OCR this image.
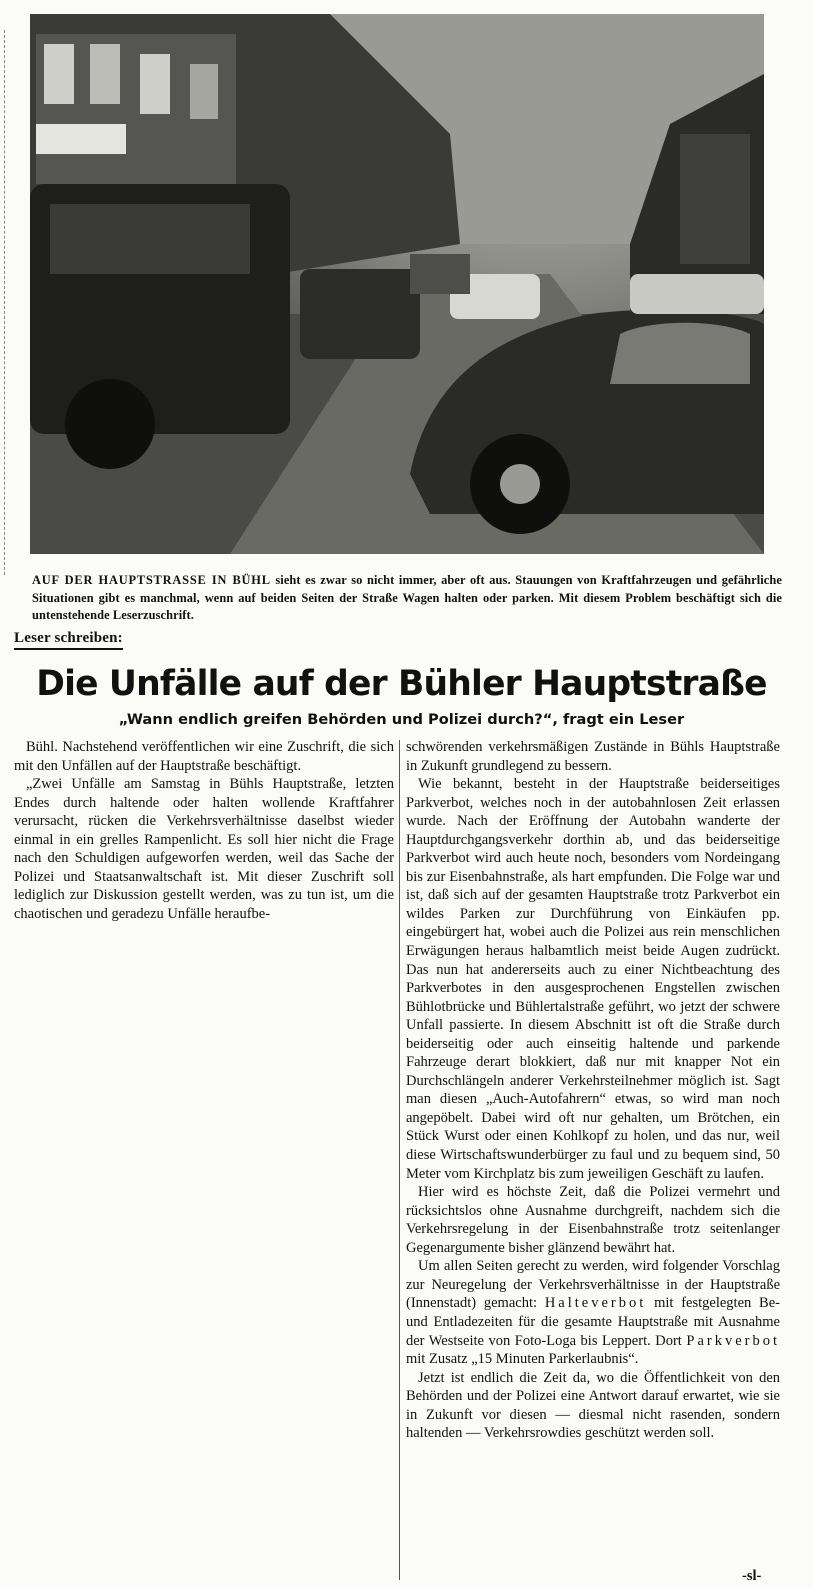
AUF DER HAUPTSTRASSE IN BÜHL sieht es zwar so nicht immer, aber oft aus. Stauungen von Kraftfahrzeugen und gefährliche Situationen gibt es manchmal, wenn auf beiden Seiten der Straße Wagen halten oder parken. Mit diesem Problem beschäftigt sich die untenstehende Leserzuschrift.
Leser schreiben:
Die Unfälle auf der Bühler Hauptstraße
„Wann endlich greifen Behörden und Polizei durch?“, fragt ein Leser

Bühl. Nachstehend veröffentlichen wir eine Zuschrift, die sich mit den Unfällen auf der Hauptstraße beschäftigt.

„Zwei Unfälle am Samstag in Bühls Hauptstraße, letzten Endes durch haltende oder halten wollende Kraftfahrer verursacht, rücken die Verkehrsverhältnisse daselbst wieder einmal in ein grelles Rampenlicht. Es soll hier nicht die Frage nach den Schuldigen aufgeworfen werden, weil das Sache der Polizei und Staatsanwaltschaft ist. Mit dieser Zuschrift soll lediglich zur Diskussion gestellt werden, was zu tun ist, um die chaotischen und geradezu Unfälle heraufbe-

schwörenden verkehrsmäßigen Zustände in Bühls Hauptstraße in Zukunft grundlegend zu bessern.

Wie bekannt, besteht in der Hauptstraße beiderseitiges Parkverbot, welches noch in der autobahnlosen Zeit erlassen wurde. Nach der Eröffnung der Autobahn wanderte der Hauptdurchgangsverkehr dorthin ab, und das beiderseitige Parkverbot wird auch heute noch, besonders vom Nordeingang bis zur Eisenbahnstraße, als hart empfunden. Die Folge war und ist, daß sich auf der gesamten Hauptstraße trotz Parkverbot ein wildes Parken zur Durchführung von Einkäufen pp. eingebürgert hat, wobei auch die Polizei aus rein menschlichen Erwägungen heraus halbamtlich meist beide Augen zudrückt. Das nun hat andererseits auch zu einer Nichtbeachtung des Parkverbotes in den ausgesprochenen Engstellen zwischen Bühlotbrücke und Bühlertalstraße geführt, wo jetzt der schwere Unfall passierte. In diesem Abschnitt ist oft die Straße durch beiderseitig oder auch einseitig haltende und parkende Fahrzeuge derart blokkiert, daß nur mit knapper Not ein Durchschlängeln anderer Verkehrsteilnehmer möglich ist. Sagt man diesen „Auch-Autofahrern“ etwas, so wird man noch angepöbelt. Dabei wird oft nur gehalten, um Brötchen, ein Stück Wurst oder einen Kohlkopf zu holen, und das nur, weil diese Wirtschaftswunderbürger zu faul und zu bequem sind, 50 Meter vom Kirchplatz bis zum jeweiligen Geschäft zu laufen.

Hier wird es höchste Zeit, daß die Polizei vermehrt und rücksichtslos ohne Ausnahme durchgreift, nachdem sich die Verkehrsregelung in der Eisenbahnstraße trotz seitenlanger Gegenargumente bisher glänzend bewährt hat.

Um allen Seiten gerecht zu werden, wird folgender Vorschlag zur Neuregelung der Verkehrsverhältnisse in der Hauptstraße (Innenstadt) gemacht: Halteverbot mit festgelegten Be- und Entladezeiten für die gesamte Hauptstraße mit Ausnahme der Westseite von Foto-Loga bis Leppert. Dort Parkverbot mit Zusatz „15 Minuten Parkerlaubnis“.

Jetzt ist endlich die Zeit da, wo die Öffentlichkeit von den Behörden und der Polizei eine Antwort darauf erwartet, wie sie in Zukunft vor diesen — diesmal nicht rasenden, sondern haltenden — Verkehrsrowdies geschützt werden soll.

-sl-
